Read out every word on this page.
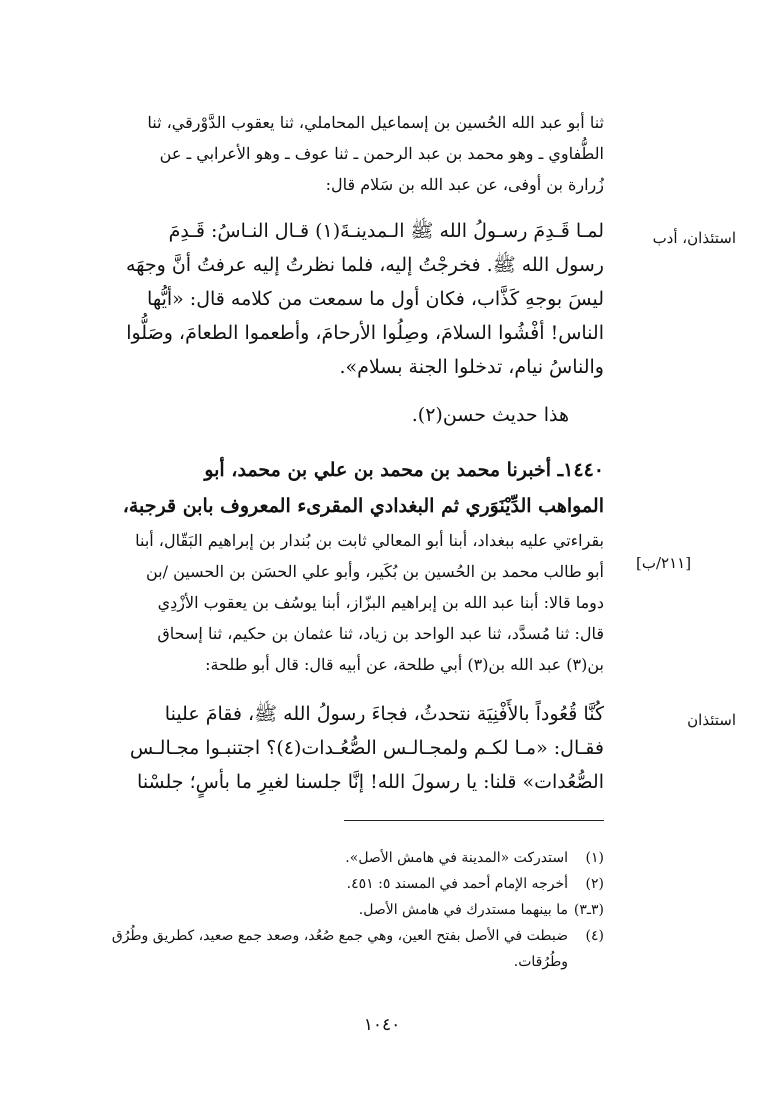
ثنا أبو عبد الله الحُسين بن إسماعيل المحاملي، ثنا يعقوب الدَّوْرقي، ثنا

الطُّفاوي ـ وهو محمد بن عبد الرحمن ـ ثنا عوف ـ وهو الأعرابي ـ عن

زُرارة بن أوفى، عن عبد الله بن سَلام قال:

استئذان، أدب

لمـا قَـدِمَ رسـولُ الله ﷺ الـمدينـةَ(١) قـال النـاسُ: قَـدِمَ

رسول الله ﷺ. فخرجْتُ إليه، فلما نظرتُ إليه عرفتُ أنَّ وجهَه

ليسَ بوجهِ كَذَّاب، فكان أول ما سمعت من كلامه قال: «أيُّها

الناس! أفْشُوا السلامَ، وصِلُوا الأرحامَ، وأطعموا الطعامَ، وصَلُّوا

والناسُ نيام، تدخلوا الجنة بسلام».

هذا حديث حسن(٢).

١٤٤٠ـ أخبرنا محمد بن محمد بن علي بن محمد، أبو

المواهب الدِّيْنَوَري ثم البغدادي المقرىء المعروف بابن قرجبة،

[٢١١/ب]

بقراءتي عليه ببغداد، أبنا أبو المعالي ثابت بن بُندار بن إبراهيم البَقّال، أبنا

أبو طالب محمد بن الحُسين بن بُكَير، وأبو علي الحسَن بن الحسين /بن

دوما قالا: أبنا عبد الله بن إبراهيم البزّاز، أبنا يوسُف بن يعقوب الأزْدِي

قال: ثنا مُسدَّد، ثنا عبد الواحد بن زياد، ثنا عثمان بن حكيم، ثنا إسحاق

بن(٣) عبد الله بن(٣) أبي طلحة، عن أبيه قال: قال أبو طلحة:

استئذان

كُنَّا قُعُوداً بالأَفْنِيَة نتحدثُ، فجاءَ رسولُ الله ﷺ، فقامَ علينا

فقـال: «مـا لكـم ولمجـالـس الصُّعُـدات(٤)؟ اجتنبـوا مجـالـس

الصُّعُدات» قلنا: يا رسولَ الله! إنَّا جلسنا لغيرِ ما بأسٍ؛ جلسْنا

(١)
استدركت «المدينة في هامش الأصل».
(٢)
أخرجه الإمام أحمد في المسند ٥: ٤٥١.
(٣ـ٣)
ما بينهما مستدرك في هامش الأصل.
(٤)
ضبطت في الأصل بفتح العين، وهي جمع صُعُد، وصعد جمع صعيد، كطريق وطُرُق وطُرُقات.
١٠٤٠
